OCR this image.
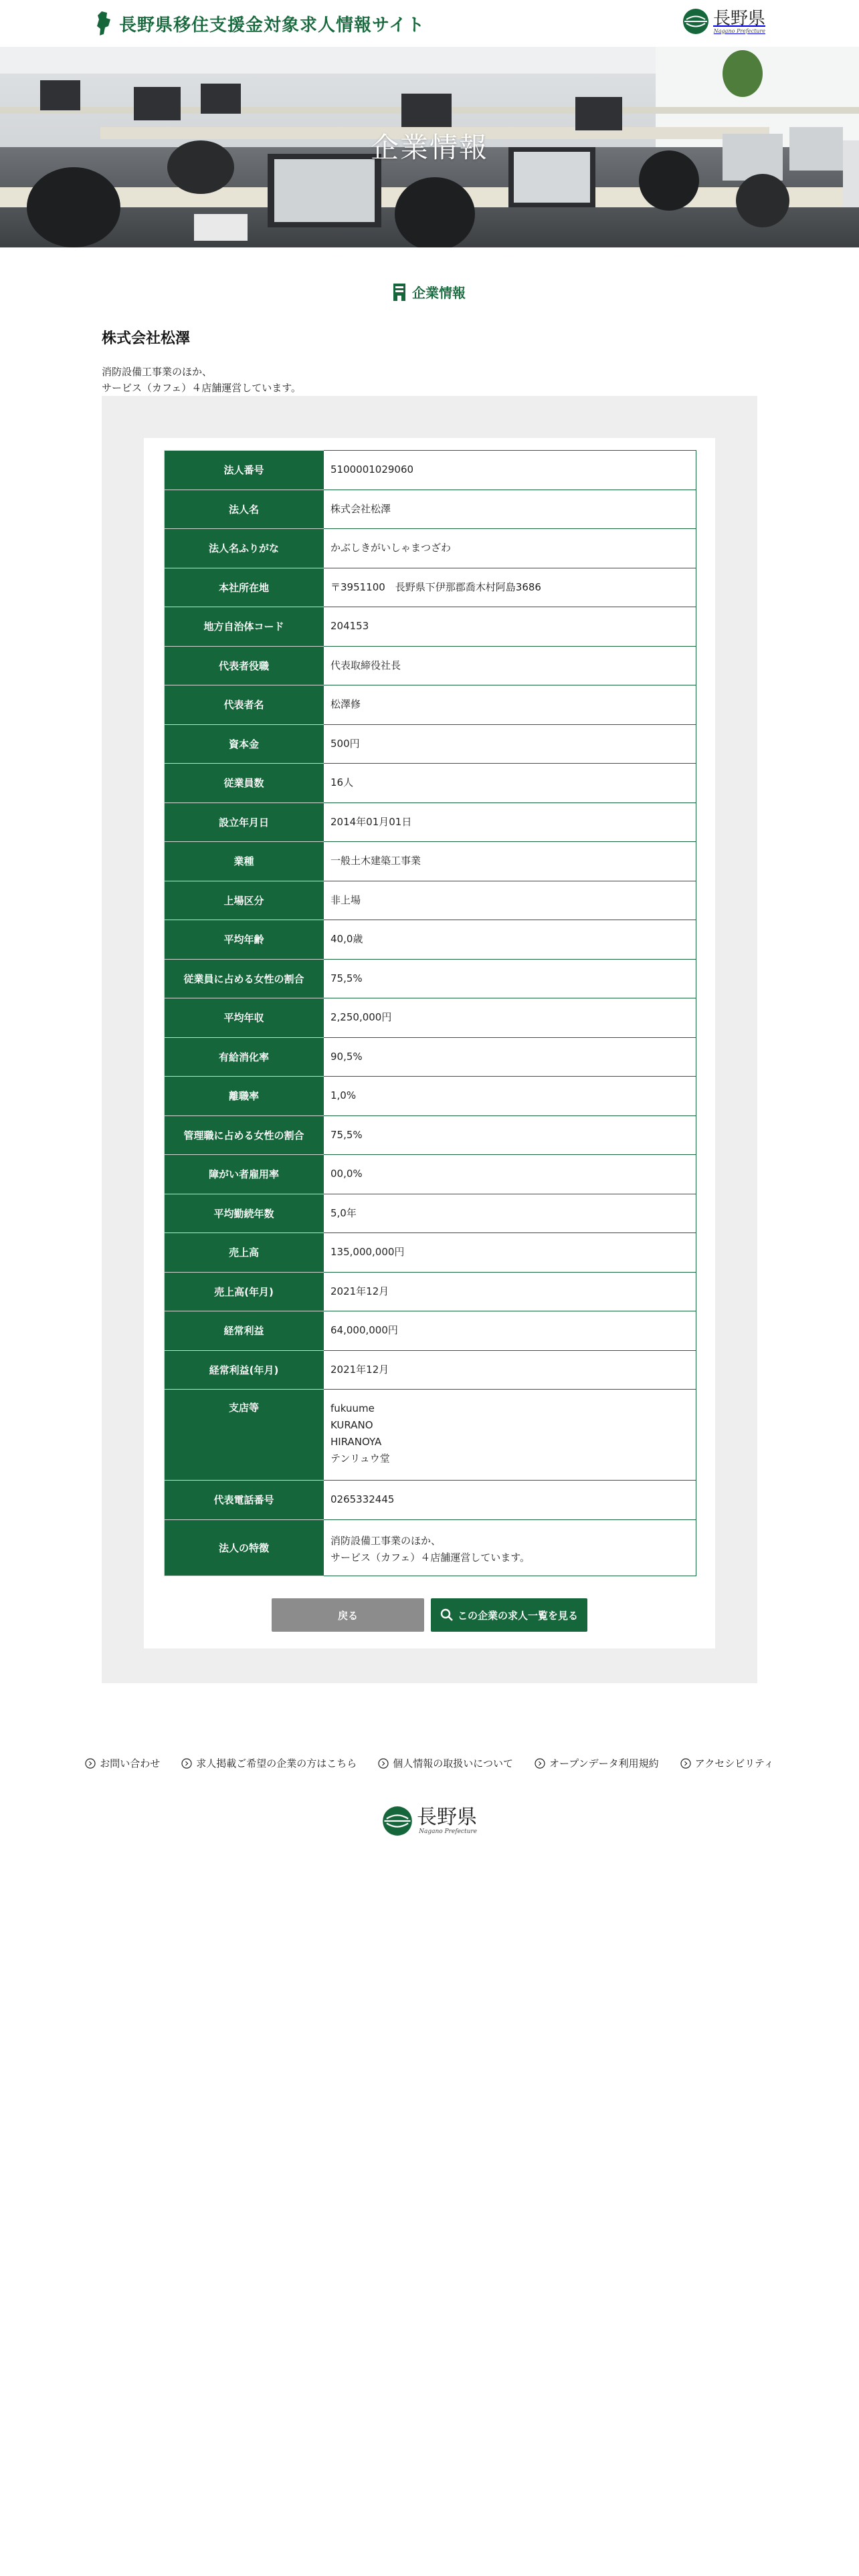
長野県移住支援金対象求人情報サイト	長野県
Nagano Prefecture
企業情報
企業情報
株式会社松澤
消防設備工事業のほか、
サービス（カフェ）４店舗運営しています。
法人番号	5100001029060
法人名	株式会社松澤
法人名ふりがな	かぶしきがいしゃまつざわ
本社所在地	〒3951100　長野県下伊那郡喬木村阿島3686
地方自治体コード	204153
代表者役職	代表取締役社長
代表者名	松澤修
資本金	500円
従業員数	16人
設立年月日	2014年01月01日
業種	一般土木建築工事業
上場区分	非上場
平均年齢	40,0歳
従業員に占める女性の割合	75,5%
平均年収	2,250,000円
有給消化率	90,5%
離職率	1,0%
管理職に占める女性の割合	75,5%
障がい者雇用率	00,0%
平均勤続年数	5,0年
売上高	135,000,000円
売上高(年月)	2021年12月
経常利益	64,000,000円
経常利益(年月)	2021年12月
支店等	fukuume
KURANO
HIRANOYA
テンリュウ堂

代表電話番号	0265332445
法人の特徴	消防設備工事業のほか、
サービス（カフェ）４店舗運営しています。
戻る	この企業の求人一覧を見る
お問い合わせ	求人掲載ご希望の企業の方はこちら	個人情報の取扱いについて	オープンデータ利用規約	アクセシビリティ
長野県
Nagano Prefecture
